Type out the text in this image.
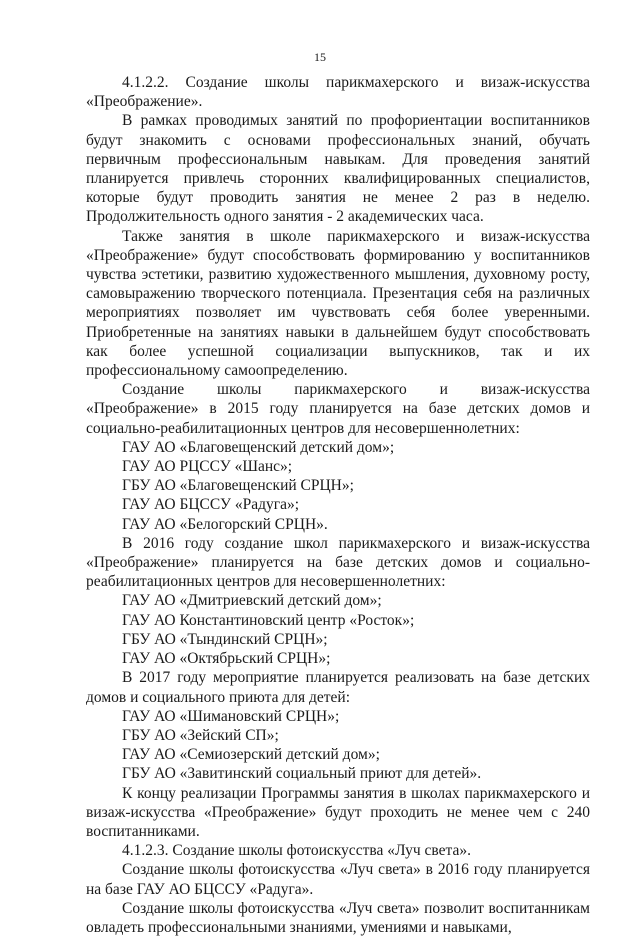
15

4.1.2.2. Создание школы парикмахерского и визаж-искусства

«Преображение».

В рамках проводимых занятий по профориентации воспитанников будут знакомить с основами профессиональных знаний, обучать первичным профессиональным навыкам. Для проведения занятий планируется привлечь сторонних квалифицированных специалистов, которые будут проводить занятия не менее 2 раз в неделю. Продолжительность одного занятия - 2 академических часа.

Также занятия в школе парикмахерского и визаж-искусства «Преображение» будут способствовать формированию у воспитанников чувства эстетики, развитию художественного мышления, духовному росту, самовыражению творческого потенциала. Презентация себя на различных мероприятиях позволяет им чувствовать себя более уверенными. Приобретенные на занятиях навыки в дальнейшем будут способствовать как более успешной социализации выпускников, так и их профессиональному самоопределению.

Создание школы парикмахерского и визаж-искусства «Преображение» в 2015 году планируется на базе детских домов и социально-реабилитационных центров для несовершеннолетних:

ГАУ АО «Благовещенский детский дом»;

ГАУ АО РЦССУ «Шанс»;

ГБУ АО «Благовещенский СРЦН»;

ГАУ АО БЦССУ «Радуга»;

ГАУ АО «Белогорский СРЦН».

В 2016 году создание школ парикмахерского и визаж-искусства «Преображение» планируется на базе детских домов и социально-реабилитационных центров для несовершеннолетних:

ГАУ АО «Дмитриевский детский дом»;

ГАУ АО Константиновский центр «Росток»;

ГБУ АО «Тындинский СРЦН»;

ГАУ АО «Октябрьский СРЦН»;

В 2017 году мероприятие планируется реализовать на базе детских домов и социального приюта для детей:

ГАУ АО «Шимановский СРЦН»;

ГБУ АО «Зейский СП»;

ГАУ АО «Семиозерский детский дом»;

ГБУ АО «Завитинский социальный приют для детей».

К концу реализации Программы занятия в школах парикмахерского и визаж-искусства «Преображение» будут проходить не менее чем с 240 воспитанниками.

4.1.2.3. Создание школы фотоискусства «Луч света».

Создание школы фотоискусства «Луч света» в 2016 году планируется на базе ГАУ АО БЦССУ «Радуга».

Создание школы фотоискусства «Луч света» позволит воспитанникам овладеть профессиональными знаниями, умениями и навыками,
